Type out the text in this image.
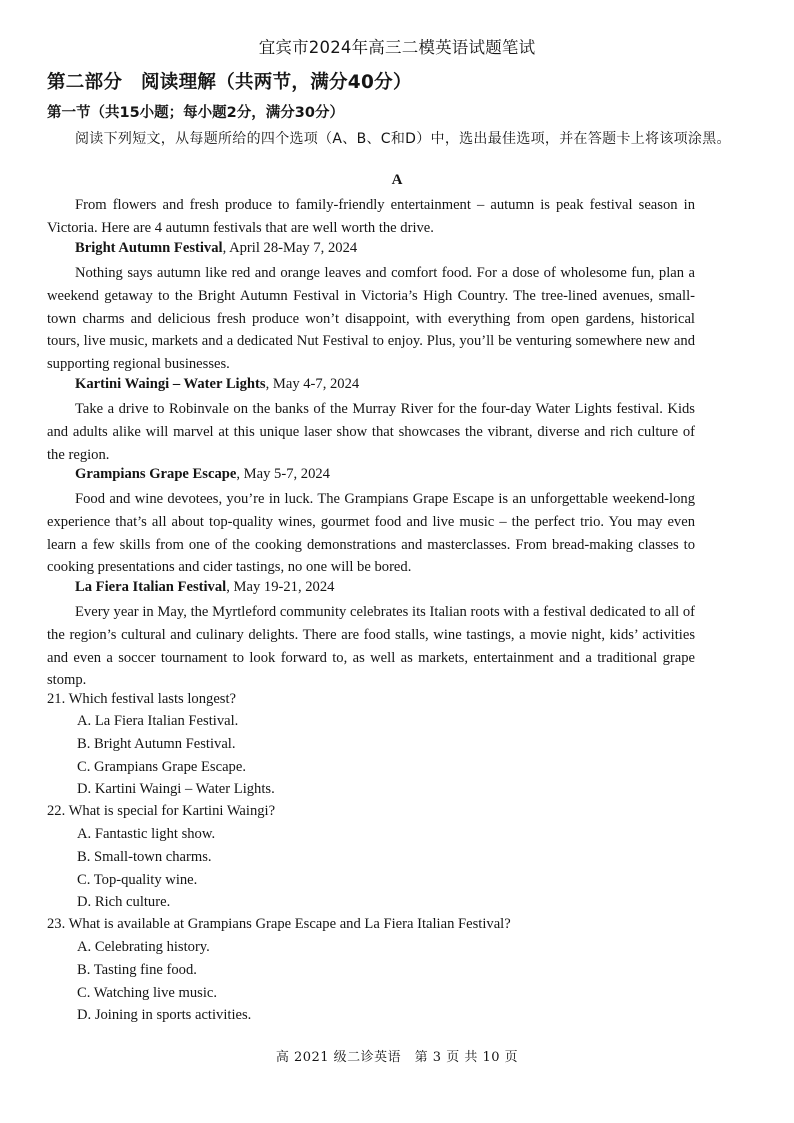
宜宾市2024年高三二模英语试题笔试
第二部分　阅读理解（共两节，满分40分）
第一节（共15小题；每小题2分，满分30分）
阅读下列短文，从每题所给的四个选项（A、B、C和D）中，选出最佳选项，并在答题卡上将该项涂黑。
A
From flowers and fresh produce to family-friendly entertainment – autumn is peak festival season in Victoria. Here are 4 autumn festivals that are well worth the drive.
Bright Autumn Festival, April 28-May 7, 2024
Nothing says autumn like red and orange leaves and comfort food. For a dose of wholesome fun, plan a weekend getaway to the Bright Autumn Festival in Victoria’s High Country. The tree-lined avenues, small-town charms and delicious fresh produce won’t disappoint, with everything from open gardens, historical tours, live music, markets and a dedicated Nut Festival to enjoy. Plus, you’ll be venturing somewhere new and supporting regional businesses.
Kartini Waingi – Water Lights, May 4-7, 2024
Take a drive to Robinvale on the banks of the Murray River for the four-day Water Lights festival. Kids and adults alike will marvel at this unique laser show that showcases the vibrant, diverse and rich culture of the region.
Grampians Grape Escape, May 5-7, 2024
Food and wine devotees, you’re in luck. The Grampians Grape Escape is an unforgettable weekend-long experience that’s all about top-quality wines, gourmet food and live music – the perfect trio. You may even learn a few skills from one of the cooking demonstrations and masterclasses. From bread-making classes to cooking presentations and cider tastings, no one will be bored.
La Fiera Italian Festival, May 19-21, 2024
Every year in May, the Myrtleford community celebrates its Italian roots with a festival dedicated to all of the region’s cultural and culinary delights. There are food stalls, wine tastings, a movie night, kids’ activities and even a soccer tournament to look forward to, as well as markets, entertainment and a traditional grape stomp.
21. Which festival lasts longest?
A. La Fiera Italian Festival.
B. Bright Autumn Festival.
C. Grampians Grape Escape.
D. Kartini Waingi – Water Lights.
22. What is special for Kartini Waingi?
A. Fantastic light show.
B. Small-town charms.
C. Top-quality wine.
D. Rich culture.
23. What is available at Grampians Grape Escape and La Fiera Italian Festival?
A. Celebrating history.
B. Tasting fine food.
C. Watching live music.
D. Joining in sports activities.
高 2021 级二诊英语　第 3 页 共 10 页
